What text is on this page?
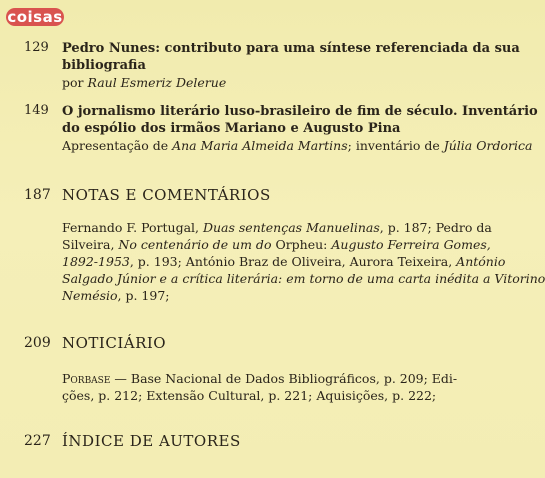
coisas
129 Pedro Nunes: contributo para uma síntese referenciada da sua
bibliografia
por Raul Esmeriz Delerue
149 O jornalismo literário luso-brasileiro de fim de século. Inventário
do espólio dos irmãos Mariano e Augusto Pina
Apresentação de Ana Maria Almeida Martins; inventário de Júlia Ordorica
187 NOTAS E COMENTÁRIOS
Fernando F. Portugal, Duas sentenças Manuelinas, p. 187; Pedro da
Silveira, No centenário de um do Orpheu: Augusto Ferreira Gomes,
1892-1953, p. 193; António Braz de Oliveira, Aurora Teixeira, António
Salgado Júnior e a crítica literária: em torno de uma carta inédita a Vitorino
Nemésio, p. 197;
209 NOTICIÁRIO
Porbase — Base Nacional de Dados Bibliográficos, p. 209; Edi-
ções, p. 212; Extensão Cultural, p. 221; Aquisições, p. 222;
227 ÍNDICE DE AUTORES
